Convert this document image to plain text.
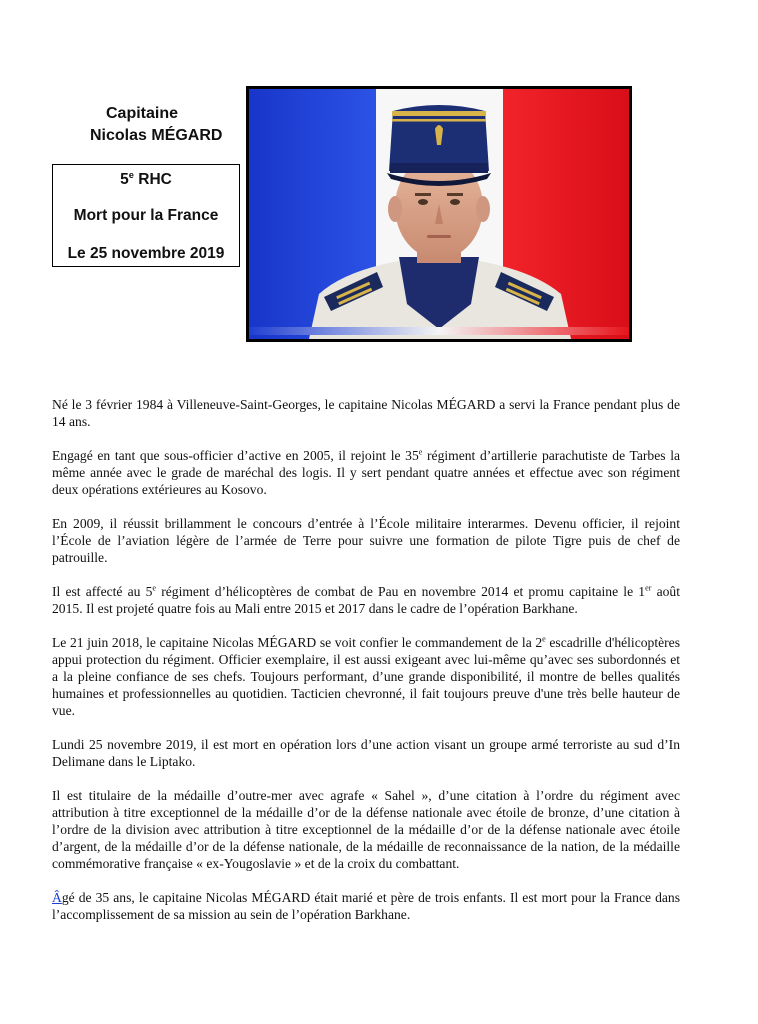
Capitaine
Nicolas MÉGARD
5e RHC
Mort pour la France
Le 25 novembre 2019

Né le 3 février 1984 à Villeneuve-Saint-Georges, le capitaine Nicolas MÉGARD a servi la France pendant plus de 14 ans.

Engagé en tant que sous-officier d’active en 2005, il rejoint le 35e régiment d’artillerie parachutiste de Tarbes la même année avec le grade de maréchal des logis. Il y sert pendant quatre années et effectue avec son régiment deux opérations extérieures au Kosovo.

En 2009, il réussit brillamment le concours d’entrée à l’École militaire interarmes. Devenu officier, il rejoint l’École de l’aviation légère de l’armée de Terre pour suivre une formation de pilote Tigre puis de chef de patrouille.

Il est affecté au 5e régiment d’hélicoptères de combat de Pau en novembre 2014 et promu capitaine le 1er août 2015. Il est projeté quatre fois au Mali entre 2015 et 2017 dans le cadre de l’opération Barkhane.

Le 21 juin 2018, le capitaine Nicolas MÉGARD se voit confier le commandement de la 2e escadrille d'hélicoptères appui protection du régiment. Officier exemplaire, il est aussi exigeant avec lui-même qu’avec ses subordonnés et a la pleine confiance de ses chefs. Toujours performant, d’une grande disponibilité, il montre de belles qualités humaines et professionnelles au quotidien. Tacticien chevronné, il fait toujours preuve d'une très belle hauteur de vue.

Lundi 25 novembre 2019, il est mort en opération lors d’une action visant un groupe armé terroriste au sud d’In Delimane dans le Liptako.

Il est titulaire de la médaille d’outre-mer avec agrafe « Sahel », d’une citation à l’ordre du régiment avec attribution à titre exceptionnel de la médaille d’or de la défense nationale avec étoile de bronze, d’une citation à l’ordre de la division avec attribution à titre exceptionnel de la médaille d’or de la défense nationale avec étoile d’argent, de la médaille d’or de la défense nationale, de la médaille de reconnaissance de la nation, de la médaille commémorative française « ex-Yougoslavie » et de la croix du combattant.

Âgé de 35 ans, le capitaine Nicolas MÉGARD était marié et père de trois enfants. Il est mort pour la France dans l’accomplissement de sa mission au sein de l’opération Barkhane.
